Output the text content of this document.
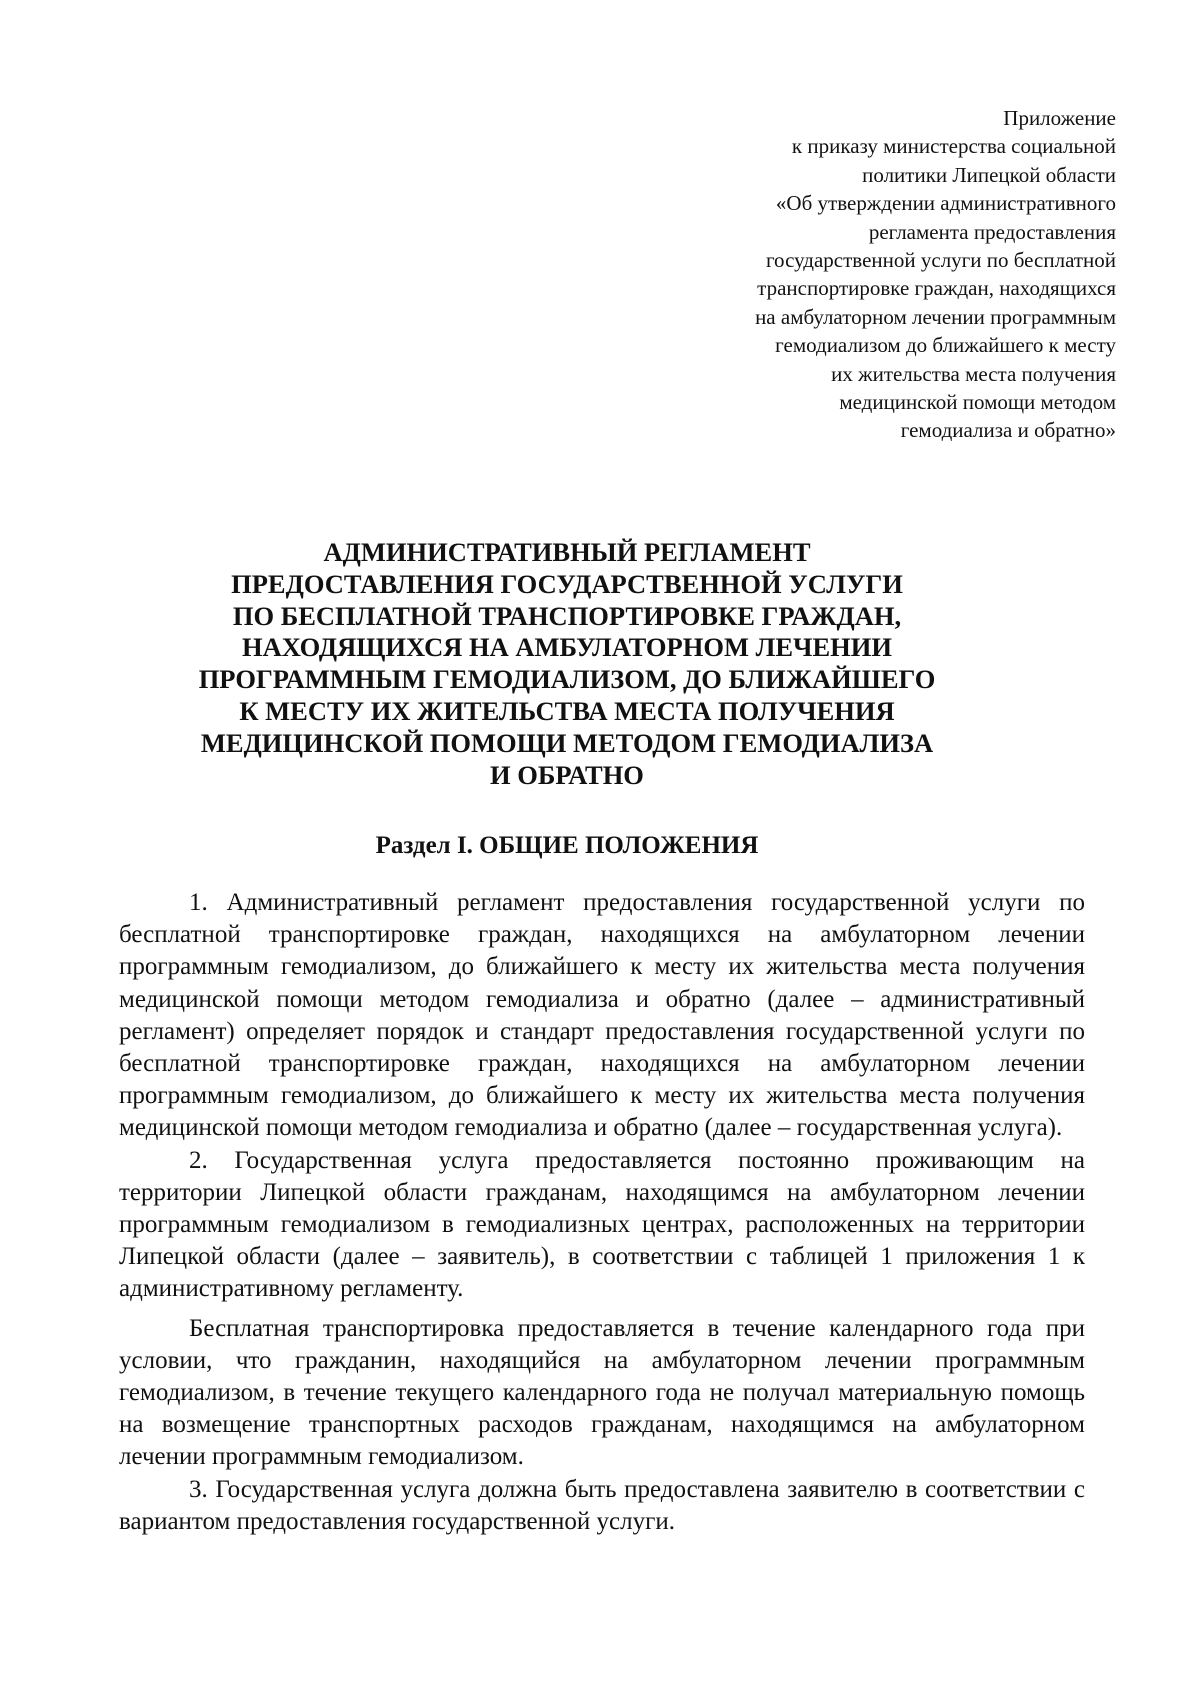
Приложение
к приказу министерства социальной
политики Липецкой области
«Об утверждении административного
регламента предоставления
государственной услуги по бесплатной
транспортировке граждан, находящихся
на амбулаторном лечении программным
гемодиализом до ближайшего к месту
их жительства места получения
медицинской помощи методом
гемодиализа и обратно»
АДМИНИСТРАТИВНЫЙ РЕГЛАМЕНТ
ПРЕДОСТАВЛЕНИЯ ГОСУДАРСТВЕННОЙ УСЛУГИ
ПО БЕСПЛАТНОЙ ТРАНСПОРТИРОВКЕ ГРАЖДАН,
НАХОДЯЩИХСЯ НА АМБУЛАТОРНОМ ЛЕЧЕНИИ
ПРОГРАММНЫМ ГЕМОДИАЛИЗОМ, ДО БЛИЖАЙШЕГО
К МЕСТУ ИХ ЖИТЕЛЬСТВА МЕСТА ПОЛУЧЕНИЯ
МЕДИЦИНСКОЙ ПОМОЩИ МЕТОДОМ ГЕМОДИАЛИЗА
И ОБРАТНО
Раздел I. ОБЩИЕ ПОЛОЖЕНИЯ

1. Административный регламент предоставления государственной услуги по бесплатной транспортировке граждан, находящихся на амбулаторном лечении программным гемодиализом, до ближайшего к месту их жительства места получения медицинской помощи методом гемодиализа и обратно (далее – административный регламент) определяет порядок и стандарт предоставления государственной услуги по бесплатной транспортировке граждан, находящихся на амбулаторном лечении программным гемодиализом, до ближайшего к месту их жительства места получения медицинской помощи методом гемодиализа и обратно (далее – государственная услуга).

2. Государственная услуга предоставляется постоянно проживающим на территории Липецкой области гражданам, находящимся на амбулаторном лечении программным гемодиализом в гемодиализных центрах, расположенных на территории Липецкой области (далее – заявитель), в соответствии с таблицей 1 приложения 1 к административному регламенту.

Бесплатная транспортировка предоставляется в течение календарного года при условии, что гражданин, находящийся на амбулаторном лечении программным гемодиализом, в течение текущего календарного года не получал материальную помощь на возмещение транспортных расходов гражданам, находящимся на амбулаторном лечении программным гемодиализом.

3. Государственная услуга должна быть предоставлена заявителю в соответствии с вариантом предоставления государственной услуги.
